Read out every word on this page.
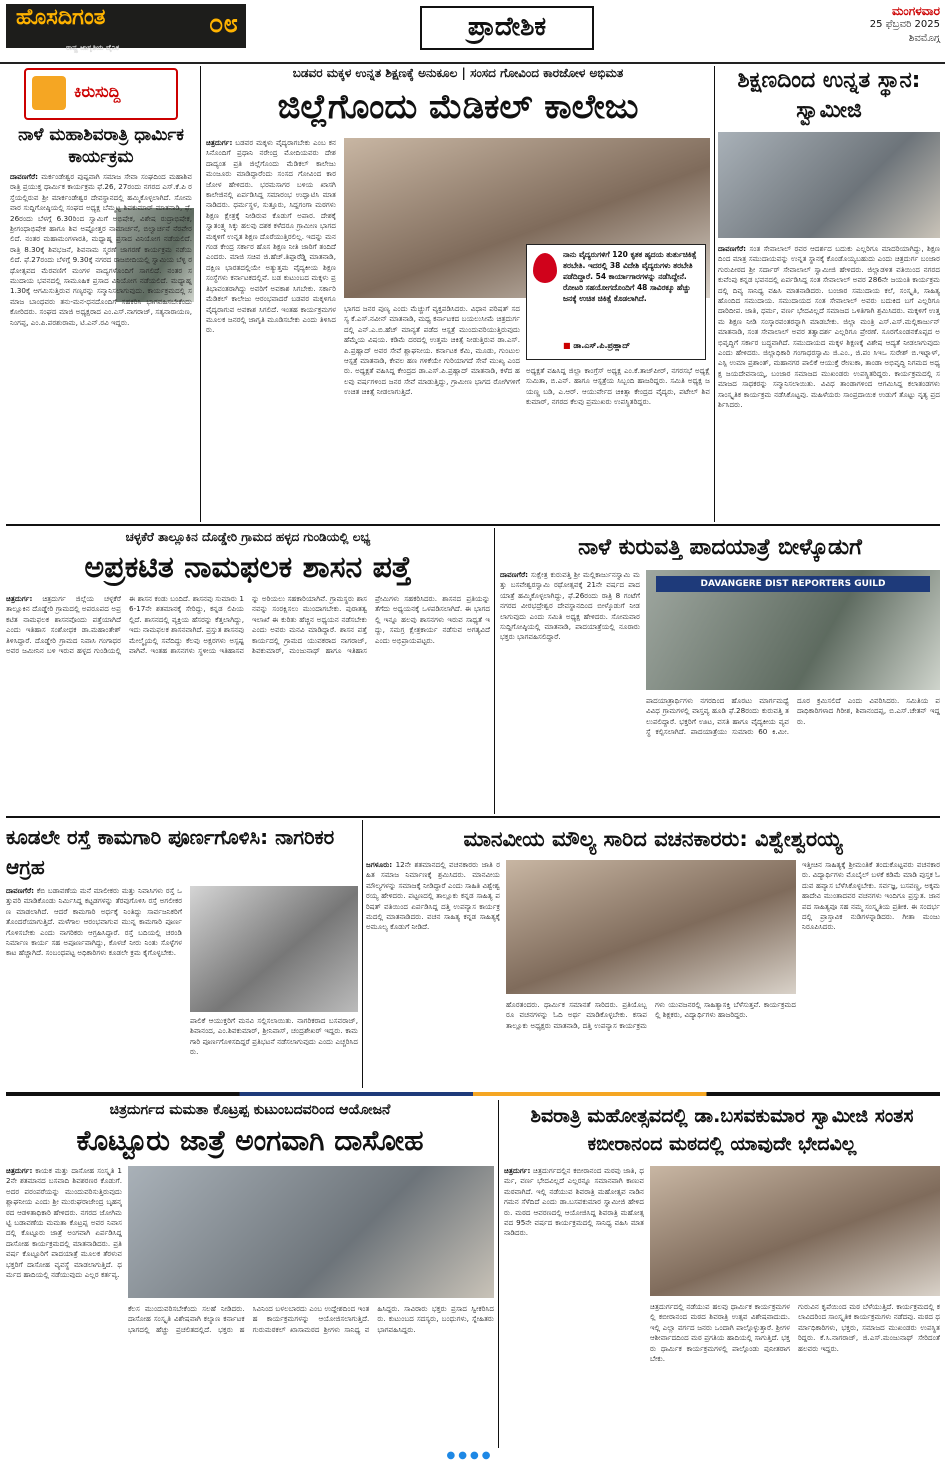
ಹೊಸದಿಗಂತ
ರಾಷ್ಟ್ರ ಜಾಗೃತಿಯ ದೈನಿಕ
೦೮	ಪ್ರಾದೇಶಿಕ
ಮಂಗಳವಾರ
25 ಫೆಬ್ರವರಿ 2025
ಶಿವಮೊಗ್ಗ
ಕಿರುಸುದ್ದಿ
ನಾಳೆ ಮಹಾಶಿವರಾತ್ರಿ ಧಾರ್ಮಿಕ ಕಾರ್ಯಕ್ರಮ
ದಾವಣಗೆರೆ: ಮರ್ಕಂಡೇಶ್ವರ ಪುಷ್ಪವಾಗಿ ಸಮಾಜ ಸೇವಾ ಸಂಘದಿಂದ ಮಹಾಶಿವರಾತ್ರಿ ಪ್ರಯುಕ್ತ ಧಾರ್ಮಿಕ ಕಾರ್ಯಕ್ರಮ ಫೆ.26, 27ರಂದು ನಗರದ ಎಸ್.ಕೆ.ಪಿ ರಸ್ತೆಯಲ್ಲಿರುವ ಶ್ರೀ ಮಾರ್ಕಂಡೇಶ್ವರ ದೇವಸ್ಥಾನದಲ್ಲಿ ಹಮ್ಮಿಕೊಳ್ಳಲಾಗಿದೆ. ಸೋಮವಾರ ಸುದ್ದಿಗೋಷ್ಠಿಯಲ್ಲಿ ಸಂಘದ ಅಧ್ಯಕ್ಷ ಬೆಮ್ಮಟ್ಟ ಶಿವಕುಮಾರ್ ಮಾತನಾಡಿ, ಫೆ.26ರಂದು ಬೆಳಗ್ಗೆ 6.30ರಿಂದ ಸ್ವಾಮಿಗೆ ಅಭಿಷೇಕ, ವಿಶೇಷ ರುದ್ರಾಭಿಷೇಕ, ಶ್ರೀಗಂಧಾಭಿಷೇಕ ಹಾಗೂ ಶಿವ ಅಷ್ಟೋತ್ತರ ನಾಮಾರ್ಚನೆ, ಬಿಲ್ವಾರ್ಚನೆ ನೆರವೇರಲಿದೆ. ನಂತರ ಮಹಾಮಂಗಳಾರತಿ, ಮಧ್ಯಾಹ್ನ ಪ್ರಸಾದ ವಿನಿಯೋಗ ನಡೆಯಲಿದೆ. ರಾತ್ರಿ 8.30ಕ್ಕೆ ಶಿವಭಜನೆ, ಶಿವನಾಮ ಸ್ಮರಣೆ ಜಾಗರಣೆ ಕಾರ್ಯಕ್ರಮ ನಡೆಯಲಿದೆ. ಫೆ.27ರಂದು ಬೆಳಗ್ಗೆ 9.30ಕ್ಕೆ ನಗರದ ರಾಜಬೀದಿಯಲ್ಲಿ ಸ್ವಾಮಿಯ ಬೆಳ್ಳಿ ರಥೋತ್ಸವದ ಮೆರವಣಿಗೆ ಮಂಗಳ ವಾದ್ಯಗಳೊಂದಿಗೆ ಸಾಗಲಿದೆ. ನಂತರ ಸಮುದಾಯ ಭವನದಲ್ಲಿ ಸಾಮೂಹಿಕ ಪ್ರಸಾದ ವಿನಿಯೋಗ ನಡೆಯಲಿದೆ. ಮಧ್ಯಾಹ್ನ 1.30ಕ್ಕೆ ಆಗಮಿಸುತ್ತಿರುವ ಗಣ್ಯರನ್ನು ಸನ್ಮಾನಿಸಲಾಗುವುದು. ಕಾರ್ಯಕ್ರಮದಲ್ಲಿ ಸಮಾಜ ಬಾಂಧವರು ತನು-ಮನ-ಧನದೊಂದಿಗೆ ಸಹಕರಿಸಿ ಭಾಗವಹಿಸಬೇಕೆಂದು ಕೋರಿದರು. ಸಂಘದ ಮಾಜಿ ಅಧ್ಯಕ್ಷರಾದ ಎಂ.ಎಸ್.ನಾಗರಾಜ್, ಸತ್ಯನಾರಾಯಣ, ನಿಂಗಪ್ಪ, ಎಂ.ಪಿ.ಪರಶುರಾಮ, ಟಿ.ಎನ್.ರವಿ ಇದ್ದರು.
ಬಡವರ ಮಕ್ಕಳ ಉನ್ನತ ಶಿಕ್ಷಣಕ್ಕೆ ಅನುಕೂಲ | ಸಂಸದ ಗೋವಿಂದ ಕಾರಜೋಳ ಅಭಿಮತ
ಜಿಲ್ಲೆಗೊಂದು ಮೆಡಿಕಲ್ ಕಾಲೇಜು
ಚಿತ್ರದುರ್ಗ: ಬಡವರ ಮಕ್ಕಳು ವೈದ್ಯರಾಗಬೇಕು ಎಂಬ ಕನಸಿನೊಂದಿಗೆ ಪ್ರಧಾನಿ ನರೇಂದ್ರ ಮೋದಿಯವರು ದೇಶದಾದ್ಯಂತ ಪ್ರತಿ ಜಿಲ್ಲೆಗೊಂದು ಮೆಡಿಕಲ್ ಕಾಲೇಜು ಮಂಜೂರು ಮಾಡಿದ್ದಾರೆಂದು ಸಂಸದ ಗೋವಿಂದ ಕಾರಜೋಳ ಹೇಳಿದರು. ಭರಮಸಾಗರ ಬಳಿಯ ಖಾಸಗಿ ಕಾಲೇಜಿನಲ್ಲಿ ಏರ್ಪಡಿಸಿದ್ದ ಸಮಾರಂಭ ಉದ್ಘಾಟಿಸಿ ಮಾತನಾಡಿದರು. ಧರ್ಮಸ್ಥಳ, ಸುತ್ತೂರು, ಸಿದ್ದಗಂಗಾ ಮಠಗಳು ಶಿಕ್ಷಣ ಕ್ಷೇತ್ರಕ್ಕೆ ನೀಡಿರುವ ಕೊಡುಗೆ ಅಪಾರ. ದೇಶಕ್ಕೆ ಸ್ವಾತಂತ್ರ್ಯ ಸಿಕ್ಕು ಹಲವು ದಶಕ ಕಳೆದರೂ ಗ್ರಾಮೀಣ ಭಾಗದ ಮಕ್ಕಳಿಗೆ ಉನ್ನತ ಶಿಕ್ಷಣ ದೊರೆಯುತ್ತಿರಲಿಲ್ಲ. ಇದನ್ನು ಮನಗಂಡ ಕೇಂದ್ರ ಸರ್ಕಾರ ಹೊಸ ಶಿಕ್ಷಣ ನೀತಿ ಜಾರಿಗೆ ತಂದಿದೆ ಎಂದರು. ಮಾಜಿ ಸಚಿವ ಜಿ.ಹೆಚ್.ತಿಪ್ಪಾರೆಡ್ಡಿ ಮಾತನಾಡಿ, ದಕ್ಷಿಣ ಭಾರತದಲ್ಲಿಯೇ ಅತ್ಯುತ್ತಮ ವೈದ್ಯಕೀಯ ಶಿಕ್ಷಣ ಸಂಸ್ಥೆಗಳು ಕರ್ನಾಟಕದಲ್ಲಿವೆ. ಬಡ ಕುಟುಂಬದ ಮಕ್ಕಳು ಪ್ರತಿಭಾವಂತರಾಗಿದ್ದು ಅವರಿಗೆ ಅವಕಾಶ ಸಿಗಬೇಕು. ಸರ್ಕಾರಿ ಮೆಡಿಕಲ್ ಕಾಲೇಜು ಆರಂಭವಾದರೆ ಬಡವರ ಮಕ್ಕಳಿಗೂ ವೈದ್ಯರಾಗುವ ಅವಕಾಶ ಸಿಗಲಿದೆ. ಇಂತಹ ಕಾರ್ಯಕ್ರಮಗಳ ಮೂಲಕ ಜನರಲ್ಲಿ ಜಾಗೃತಿ ಮೂಡಿಸಬೇಕು ಎಂದು ತಿಳಿಸಿದರು.
ಭಾಗದ ಜನರ ಪುಣ್ಯ ಎಂದು ಮೆಚ್ಚುಗೆ ವ್ಯಕ್ತಪಡಿಸಿದರು. ವಿಧಾನ ಪರಿಷತ್ ಸದಸ್ಯ ಕೆ.ಎಸ್.ನವೀನ್ ಮಾತನಾಡಿ, ಮಧ್ಯ ಕರ್ನಾಟಕದ ಬಯಲುಸೀಮೆ ಚಿತ್ರದುರ್ಗದಲ್ಲಿ ಎನ್.ಎ.ಬಿ.ಹೆಚ್ ಮಾನ್ಯತೆ ಪಡೆದ ಆಸ್ಪತ್ರೆ ಮುಂದುವರಿಯುತ್ತಿರುವುದು ಹೆಮ್ಮೆಯ ವಿಷಯ. ಕಡಿಮೆ ದರದಲ್ಲಿ ಉತ್ತಮ ಚಿಕಿತ್ಸೆ ನೀಡುತ್ತಿರುವ ಡಾ.ಎಸ್.ಪಿ.ಪ್ರಹ್ಲಾದ್ ಅವರ ಸೇವೆ ಶ್ಲಾಘನೀಯ. ಕರ್ನಾಟಕ ಕೆಮಿ, ಮೂಡು, ಗುಂಟುಲ ಆಸ್ಪತ್ರೆ ಮಾತನಾಡಿ, ಕೇವಲ ಹಣ ಗಳಿಕೆಯೇ ಗುರಿಯಾಗದೆ ಸೇವೆ ಮುಖ್ಯ ಎಂದರು. ಅಧ್ಯಕ್ಷತೆ ವಹಿಸಿದ್ದ ಕೇಂದ್ರದ ಡಾ.ಎಸ್.ಪಿ.ಪ್ರಹ್ಲಾದ್ ಮಾತನಾಡಿ, ಕಳೆದ ಹಲವು ವರ್ಷಗಳಿಂದ ಜನರ ಸೇವೆ ಮಾಡುತ್ತಿದ್ದು, ಗ್ರಾಮೀಣ ಭಾಗದ ರೋಗಿಗಳಿಗೆ ಉಚಿತ ಚಿಕಿತ್ಸೆ ನೀಡಲಾಗುತ್ತಿದೆ.
ನಾನು ವೈದ್ಯರುಗಳಿಗೆ 120 ಕೃತಕ ಹೃದಯ ತುರ್ತುಚಿಕಿತ್ಸೆ ತರಬೇತಿ. ಇದರಲ್ಲಿ 38 ವಿದೇಶಿ ವೈದ್ಯರುಗಳು ತರಬೇತಿ ಪಡೆದಿದ್ದಾರೆ. 54 ಕಾರ್ಯಾಗಾರಗಳನ್ನು ನಡೆಸಿದ್ದೇನೆ. ರೋಟರಿ ಸಹಯೋಗದೊಂದಿಗೆ 48 ಸಾವಿರಕ್ಕೂ ಹೆಚ್ಚು ಜನಕ್ಕೆ ಉಚಿತ ಚಿಕಿತ್ಸೆ ಕೊಡಲಾಗಿದೆ.
■ ಡಾ.ಎಸ್.ಪಿ.ಪ್ರಹ್ಲಾದ್
ಅಧ್ಯಕ್ಷತೆ ವಹಿಸಿದ್ದ ಜಿಲ್ಲಾ ಕಾಂಗ್ರೆಸ್ ಅಧ್ಯಕ್ಷ ಎಂ.ಕೆ.ತಾಜ್‌ಪೀರ್, ನಗರಸಭೆ ಅಧ್ಯಕ್ಷೆ ಸುಮಿತಾ, ಬಿ.ಎನ್. ಹಾಗೂ ಆಸ್ಪತ್ರೆಯ ಸಿಬ್ಬಂದಿ ಹಾಜರಿದ್ದರು. ಸಮಿತಿ ಅಧ್ಯಕ್ಷ ಜಯಣ್ಣ ಬಡಿ, ಎ.ಆರ್. ಆಯುರ್ವೇದ ಚಿಕಿತ್ಸಾ ಕೇಂದ್ರದ ವೈದ್ಯರು, ಪಟೇಲ್ ಶಿವಕುಮಾರ್, ನಗರದ ಕೆಲವು ಪ್ರಮುಖರು ಉಪಸ್ಥಿತರಿದ್ದರು.
ಶಿಕ್ಷಣದಿಂದ ಉನ್ನತ ಸ್ಥಾನ: ಸ್ವಾಮೀಜಿ
ದಾವಣಗೆರೆ: ಸಂತ ಸೇವಾಲಾಲ್ ರವರ ಆದರ್ಶದ ಬದುಕು ಎಲ್ಲರಿಗೂ ಮಾದರಿಯಾಗಿದ್ದು, ಶಿಕ್ಷಣದಿಂದ ಮಾತ್ರ ಸಮುದಾಯವನ್ನು ಉನ್ನತ ಸ್ಥಾನಕ್ಕೆ ಕೊಂಡೊಯ್ಯಬಹುದು ಎಂದು ಚಿತ್ರದುರ್ಗ ಬಂಜಾರ ಗುರುಪೀಠದ ಶ್ರೀ ಸರ್ದಾರ್ ಸೇವಾಲಾಲ್ ಸ್ವಾಮೀಜಿ ಹೇಳಿದರು. ಜಿಲ್ಲಾಡಳಿತ ವತಿಯಿಂದ ನಗರದ ಕುವೆಂಪು ಕನ್ನಡ ಭವನದಲ್ಲಿ ಏರ್ಪಡಿಸಿದ್ದ ಸಂತ ಸೇವಾಲಾಲ್ ಅವರ 286ನೇ ಜಯಂತಿ ಕಾರ್ಯಕ್ರಮದಲ್ಲಿ ದಿವ್ಯ ಸಾನಿಧ್ಯ ವಹಿಸಿ ಮಾತನಾಡಿದರು. ಬಂಜಾರ ಸಮುದಾಯ ಕಲೆ, ಸಂಸ್ಕೃತಿ, ಸಾಹಿತ್ಯ ಹೊಂದಿದ ಸಮುದಾಯ. ಸಮುದಾಯದ ಸಂತ ಸೇವಾಲಾಲ್ ಅವರು ಬದುಕಿದ ಬಗೆ ಎಲ್ಲರಿಗೂ ದಾರಿದೀಪ. ಜಾತಿ, ಧರ್ಮ, ವರ್ಣ ಭೇದವಿಲ್ಲದೆ ಸಮಾಜದ ಒಳಿತಿಗಾಗಿ ಶ್ರಮಿಸಿದರು. ಮಕ್ಕಳಿಗೆ ಉತ್ತಮ ಶಿಕ್ಷಣ ನೀಡಿ ಸಂಸ್ಕಾರವಂತರನ್ನಾಗಿ ಮಾಡಬೇಕು. ಜಿಲ್ಲಾ ಮಂತ್ರಿ ಎಸ್.ಎಸ್.ಮಲ್ಲಿಕಾರ್ಜುನ್ ಮಾತನಾಡಿ, ಸಂತ ಸೇವಾಲಾಲ್ ಅವರ ತತ್ವಾದರ್ಶ ಎಲ್ಲರಿಗೂ ಪ್ರೇರಣೆ. ಸೂರಗೊಂಡನಕೊಪ್ಪದ ಅಭಿವೃದ್ಧಿಗೆ ಸರ್ಕಾರ ಬದ್ಧವಾಗಿದೆ. ಸಮುದಾಯದ ಮಕ್ಕಳ ಶಿಕ್ಷಣಕ್ಕೆ ವಿಶೇಷ ಆದ್ಯತೆ ನೀಡಲಾಗುವುದು ಎಂದು ಹೇಳಿದರು. ಜಿಲ್ಲಾಧಿಕಾರಿ ಗಂಗಾಧರಸ್ವಾಮಿ ಜಿ.ಎಂ., ಜಿ.ಪಂ ಸಿಇಒ ಸುರೇಶ್ ಬಿ.ಇಟ್ನಾಳ್, ಎಸ್ಪಿ ಉಮಾ ಪ್ರಶಾಂತ್, ಮಹಾನಗರ ಪಾಲಿಕೆ ಆಯುಕ್ತೆ ರೇಣುಕಾ, ತಾಂಡಾ ಅಭಿವೃದ್ಧಿ ನಿಗಮದ ಅಧ್ಯಕ್ಷ ಜಯದೇವನಾಯ್ಕ, ಬಂಜಾರ ಸಮಾಜದ ಮುಖಂಡರು ಉಪಸ್ಥಿತರಿದ್ದರು. ಕಾರ್ಯಕ್ರಮದಲ್ಲಿ ಸಮಾಜದ ಸಾಧಕರನ್ನು ಸನ್ಮಾನಿಸಲಾಯಿತು. ವಿವಿಧ ತಾಂಡಾಗಳಿಂದ ಆಗಮಿಸಿದ್ದ ಕಲಾತಂಡಗಳು ಸಾಂಸ್ಕೃತಿಕ ಕಾರ್ಯಕ್ರಮ ನಡೆಸಿಕೊಟ್ಟವು. ಮಹಿಳೆಯರು ಸಾಂಪ್ರದಾಯಿಕ ಉಡುಗೆ ತೊಟ್ಟು ನೃತ್ಯ ಪ್ರದರ್ಶಿಸಿದರು.
ಚಳ್ಳಕೆರೆ ತಾಲ್ಲೂಕಿನ ದೊಡ್ಡೇರಿ ಗ್ರಾಮದ ಹಳ್ಳದ ಗುಂಡಿಯಲ್ಲಿ ಲಭ್ಯ
ಅಪ್ರಕಟಿತ ನಾಮಫಲಕ ಶಾಸನ ಪತ್ತೆ
ಚಿತ್ರದುರ್ಗ: ಚಿತ್ರದುರ್ಗ ಜಿಲ್ಲೆಯ ಚಳ್ಳಕೆರೆ ತಾಲ್ಲೂಕಿನ ದೊಡ್ಡೇರಿ ಗ್ರಾಮದಲ್ಲಿ ಅಪರೂಪದ ಅಪ್ರಕಟಿತ ನಾಮಫಲಕ ಶಾಸನವೊಂದು ಪತ್ತೆಯಾಗಿದೆ ಎಂದು ಇತಿಹಾಸ ಸಂಶೋಧಕ ಡಾ.ಮಹಾಂತೇಶ್ ತಿಳಿಸಿದ್ದಾರೆ. ದೊಡ್ಡೇರಿ ಗ್ರಾಮದ ನಿವಾಸಿ ಗಂಗಾಧರ ಅವರ ಜಮೀನಿನ ಬಳಿ ಇರುವ ಹಳ್ಳದ ಗುಂಡಿಯಲ್ಲಿ ಈ ಶಾಸನ ಕಂಡು ಬಂದಿದೆ. ಶಾಸನವು ಸುಮಾರು 16-17ನೇ ಶತಮಾನಕ್ಕೆ ಸೇರಿದ್ದು, ಕನ್ನಡ ಲಿಪಿಯಲ್ಲಿದೆ. ಶಾಸನದಲ್ಲಿ ವ್ಯಕ್ತಿಯ ಹೆಸರನ್ನು ಕೆತ್ತಲಾಗಿದ್ದು, ಇದು ನಾಮಫಲಕ ಶಾಸನವಾಗಿದೆ. ಪ್ರಸ್ತುತ ಶಾಸನವು ಮೇಲ್ಮೈಯಲ್ಲಿ ಸವೆದಿದ್ದು ಕೆಲವು ಅಕ್ಷರಗಳು ಅಸ್ಪಷ್ಟವಾಗಿವೆ. ಇಂತಹ ಶಾಸನಗಳು ಸ್ಥಳೀಯ ಇತಿಹಾಸವನ್ನು ಅರಿಯಲು ಸಹಕಾರಿಯಾಗಿವೆ. ಗ್ರಾಮಸ್ಥರು ಶಾಸನವನ್ನು ಸಂರಕ್ಷಿಸಲು ಮುಂದಾಗಬೇಕು. ಪುರಾತತ್ವ ಇಲಾಖೆ ಈ ಕುರಿತು ಹೆಚ್ಚಿನ ಅಧ್ಯಯನ ನಡೆಸಬೇಕು ಎಂದು ಅವರು ಮನವಿ ಮಾಡಿದ್ದಾರೆ. ಶಾಸನ ಪತ್ತೆ ಕಾರ್ಯದಲ್ಲಿ ಗ್ರಾಮದ ಯುವಕರಾದ ನಾಗರಾಜ್, ಶಿವಕುಮಾರ್, ಮಂಜುನಾಥ್ ಹಾಗೂ ಇತಿಹಾಸ ಪ್ರೇಮಿಗಳು ಸಹಕರಿಸಿದರು. ಶಾಸನದ ಪ್ರತಿಯನ್ನು ತೆಗೆದು ಅಧ್ಯಯನಕ್ಕೆ ಒಳಪಡಿಸಲಾಗಿದೆ. ಈ ಭಾಗದಲ್ಲಿ ಇನ್ನೂ ಹಲವು ಶಾಸನಗಳು ಇರುವ ಸಾಧ್ಯತೆ ಇದ್ದು, ಸಮಗ್ರ ಕ್ಷೇತ್ರಕಾರ್ಯ ನಡೆಸುವ ಅಗತ್ಯವಿದೆ ಎಂದು ಅಭಿಪ್ರಾಯಪಟ್ಟರು.
ನಾಳೆ ಕುರುವತ್ತಿ ಪಾದಯಾತ್ರೆ ಬೀಳ್ಕೊಡುಗೆ
ದಾವಣಗೆರೆ: ಸುಕ್ಷೇತ್ರ ಕುರುವತ್ತಿ ಶ್ರೀ ಮಲ್ಲಿಕಾರ್ಜುನಸ್ವಾಮಿ ಮತ್ತು ಬಸವೇಶ್ವರಸ್ವಾಮಿ ರಥೋತ್ಸವಕ್ಕೆ 21ನೇ ವರ್ಷದ ಪಾದಯಾತ್ರೆ ಹಮ್ಮಿಕೊಳ್ಳಲಾಗಿದ್ದು, ಫೆ.26ರಂದು ರಾತ್ರಿ 8 ಗಂಟೆಗೆ ನಗರದ ವೀರಭದ್ರೇಶ್ವರ ದೇವಸ್ಥಾನದಿಂದ ಬೀಳ್ಕೊಡುಗೆ ನೀಡಲಾಗುವುದು ಎಂದು ಸಮಿತಿ ಅಧ್ಯಕ್ಷ ಹೇಳಿದರು. ಸೋಮವಾರ ಸುದ್ದಿಗೋಷ್ಠಿಯಲ್ಲಿ ಮಾತನಾಡಿ, ಪಾದಯಾತ್ರೆಯಲ್ಲಿ ನೂರಾರು ಭಕ್ತರು ಭಾಗವಹಿಸಲಿದ್ದಾರೆ.
DAVANGERE DIST REPORTERS GUILD
ಪಾದಯಾತ್ರಾರ್ಥಿಗಳು ನಗರದಿಂದ ಹೊರಟು ಮಾರ್ಗಮಧ್ಯೆ ವಿವಿಧ ಗ್ರಾಮಗಳಲ್ಲಿ ವಾಸ್ತವ್ಯ ಹೂಡಿ ಫೆ.28ರಂದು ಕುರುವತ್ತಿ ತಲುಪಲಿದ್ದಾರೆ. ಭಕ್ತರಿಗೆ ಊಟ, ವಸತಿ ಹಾಗೂ ವೈದ್ಯಕೀಯ ವ್ಯವಸ್ಥೆ ಕಲ್ಪಿಸಲಾಗಿದೆ. ಪಾದಯಾತ್ರೆಯು ಸುಮಾರು 60 ಕಿ.ಮೀ. ದೂರ ಕ್ರಮಿಸಲಿದೆ ಎಂದು ವಿವರಿಸಿದರು. ಸಮಿತಿಯ ಪದಾಧಿಕಾರಿಗಳಾದ ಗಿರೀಶ, ಶಿವಾನಂದಪ್ಪ, ಬಿ.ಎಸ್.ಚೇತನ್ ಇದ್ದರು.
ಕೂಡಲೇ ರಸ್ತೆ ಕಾಮಗಾರಿ ಪೂರ್ಣಗೊಳಿಸಿ: ನಾಗರಿಕರ ಆಗ್ರಹ
ದಾವಣಗೆರೆ: ಕೆಬಿ ಬಡಾವಣೆಯ ಮನೆ ಮಾಲೀಕರು ಮತ್ತು ನಿವಾಸಿಗಳು ರಸ್ತೆ ಒತ್ತುವರಿ ಮಾಡಿಕೊಂಡು ನಿರ್ಮಿಸಿದ್ದ ಕಟ್ಟಡಗಳನ್ನು ತೆರವುಗೊಳಿಸಿ ರಸ್ತೆ ಅಗಲೀಕರಣ ಮಾಡಲಾಗಿದೆ. ಆದರೆ ಕಾಮಗಾರಿ ಅರ್ಧಕ್ಕೆ ನಿಂತಿದ್ದು ಸಾರ್ವಜನಿಕರಿಗೆ ತೊಂದರೆಯಾಗುತ್ತಿದೆ. ಮಳೆಗಾಲ ಆರಂಭವಾಗುವ ಮುನ್ನ ಕಾಮಗಾರಿ ಪೂರ್ಣಗೊಳಿಸಬೇಕು ಎಂದು ನಾಗರಿಕರು ಆಗ್ರಹಿಸಿದ್ದಾರೆ. ರಸ್ತೆ ಬದಿಯಲ್ಲಿ ಚರಂಡಿ ನಿರ್ಮಾಣ ಕಾರ್ಯ ಸಹ ಅಪೂರ್ಣವಾಗಿದ್ದು, ಕೊಳಚೆ ನೀರು ನಿಂತು ಸೊಳ್ಳೆಗಳ ಕಾಟ ಹೆಚ್ಚಾಗಿದೆ. ಸಂಬಂಧಪಟ್ಟ ಅಧಿಕಾರಿಗಳು ಕೂಡಲೇ ಕ್ರಮ ಕೈಗೊಳ್ಳಬೇಕು.
ಪಾಲಿಕೆ ಆಯುಕ್ತರಿಗೆ ಮನವಿ ಸಲ್ಲಿಸಲಾಯಿತು. ನಾಗರಿಕರಾದ ಬಸವರಾಜ್, ಶಿವಾನಂದ, ಎಂ.ಶಿವಕುಮಾರ್, ಶ್ರೀನಿವಾಸ್, ಚಂದ್ರಶೇಖರ್ ಇದ್ದರು. ಕಾಮಗಾರಿ ಪೂರ್ಣಗೊಳಿಸದಿದ್ದರೆ ಪ್ರತಿಭಟನೆ ನಡೆಸಲಾಗುವುದು ಎಂದು ಎಚ್ಚರಿಸಿದರು.
ಮಾನವೀಯ ಮೌಲ್ಯ ಸಾರಿದ ವಚನಕಾರರು: ವಿಶ್ವೇಶ್ವರಯ್ಯ
ಜಗಳೂರು: 12ನೇ ಶತಮಾನದಲ್ಲಿ ವಚನಕಾರರು ಜಾತಿ ರಹಿತ ಸಮಾಜ ನಿರ್ಮಾಣಕ್ಕೆ ಶ್ರಮಿಸಿದರು. ಮಾನವೀಯ ಮೌಲ್ಯಗಳನ್ನು ಸಮಾಜಕ್ಕೆ ನೀಡಿದ್ದಾರೆ ಎಂದು ಸಾಹಿತಿ ವಿಶ್ವೇಶ್ವರಯ್ಯ ಹೇಳಿದರು. ಪಟ್ಟಣದಲ್ಲಿ ತಾಲ್ಲೂಕು ಕನ್ನಡ ಸಾಹಿತ್ಯ ಪರಿಷತ್ ವತಿಯಿಂದ ಏರ್ಪಡಿಸಿದ್ದ ದತ್ತಿ ಉಪನ್ಯಾಸ ಕಾರ್ಯಕ್ರಮದಲ್ಲಿ ಮಾತನಾಡಿದರು. ವಚನ ಸಾಹಿತ್ಯ ಕನ್ನಡ ಸಾಹಿತ್ಯಕ್ಕೆ ಅಮೂಲ್ಯ ಕೊಡುಗೆ ನೀಡಿದೆ.
ಹೊರತಂದರು. ಧಾರ್ಮಿಕ ಸಮಾನತೆ ಸಾರಿದರು. ಪ್ರತಿಯೊಬ್ಬರೂ ವಚನಗಳನ್ನು ಓದಿ ಅರ್ಥ ಮಾಡಿಕೊಳ್ಳಬೇಕು. ಕಸಾಪ ತಾಲ್ಲೂಕು ಅಧ್ಯಕ್ಷರು ಮಾತನಾಡಿ, ದತ್ತಿ ಉಪನ್ಯಾಸ ಕಾರ್ಯಕ್ರಮಗಳು ಯುವಜನರಲ್ಲಿ ಸಾಹಿತ್ಯಾಸಕ್ತಿ ಬೆಳೆಸುತ್ತವೆ. ಕಾರ್ಯಕ್ರಮದಲ್ಲಿ ಶಿಕ್ಷಕರು, ವಿದ್ಯಾರ್ಥಿಗಳು ಹಾಜರಿದ್ದರು.
ಇತ್ತೀಚಿನ ಸಾಹಿತ್ಯಕ್ಕೆ ಶ್ರೀಮಂತಿಕೆ ತಂದುಕೊಟ್ಟವರು ವಚನಕಾರರು. ವಿದ್ಯಾರ್ಥಿಗಳು ಮೊಬೈಲ್ ಬಳಕೆ ಕಡಿಮೆ ಮಾಡಿ ಪುಸ್ತಕ ಓದುವ ಹವ್ಯಾಸ ಬೆಳೆಸಿಕೊಳ್ಳಬೇಕು. ಸರ್ವಜ್ಞ, ಬಸವಣ್ಣ, ಅಕ್ಕಮಹಾದೇವಿ ಮುಂತಾದವರ ವಚನಗಳು ಇಂದಿಗೂ ಪ್ರಸ್ತುತ. ಜಾನಪದ ಸಾಹಿತ್ಯವೂ ಸಹ ನಮ್ಮ ಸಂಸ್ಕೃತಿಯ ಪ್ರತೀಕ. ಈ ಸಂದರ್ಭದಲ್ಲಿ ಪ್ರಾಸ್ತಾವಿಕ ನುಡಿಗಳನ್ನಾಡಿದರು. ಗೀತಾ ಮಂಜು ನಿರೂಪಿಸಿದರು.
ಚಿತ್ರದುರ್ಗದ ಮಮತಾ ಕೊಟ್ರಪ್ಪ ಕುಟುಂಬದವರಿಂದ ಆಯೋಜನೆ
ಕೊಟ್ಟೂರು ಜಾತ್ರೆ ಅಂಗವಾಗಿ ದಾಸೋಹ
ಚಿತ್ರದುರ್ಗ: ಕಾಯಕ ಮತ್ತು ದಾಸೋಹ ಸಂಸ್ಕೃತಿ 12ನೇ ಶತಮಾನದ ಬಸವಾದಿ ಶಿವಶರಣರ ಕೊಡುಗೆ. ಅದರ ಪರಂಪರೆಯನ್ನು ಮುಂದುವರಿಸುತ್ತಿರುವುದು ಶ್ಲಾಘನೀಯ ಎಂದು ಶ್ರೀ ಮುರುಘರಾಜೇಂದ್ರ ಬೃಹನ್ಮಠದ ಆಡಳಿತಾಧಿಕಾರಿ ಹೇಳಿದರು. ನಗರದ ಜೋಗಿಮಟ್ಟಿ ಬಡಾವಣೆಯ ಮಮತಾ ಕೊಟ್ರಪ್ಪ ಅವರ ನಿವಾಸದಲ್ಲಿ ಕೊಟ್ಟೂರು ಜಾತ್ರೆ ಅಂಗವಾಗಿ ಏರ್ಪಡಿಸಿದ್ದ ದಾಸೋಹ ಕಾರ್ಯಕ್ರಮದಲ್ಲಿ ಮಾತನಾಡಿದರು. ಪ್ರತಿ ವರ್ಷ ಕೊಟ್ಟೂರಿಗೆ ಪಾದಯಾತ್ರೆ ಮೂಲಕ ತೆರಳುವ ಭಕ್ತರಿಗೆ ದಾಸೋಹ ವ್ಯವಸ್ಥೆ ಮಾಡಲಾಗುತ್ತಿದೆ. ಧರ್ಮದ ಹಾದಿಯಲ್ಲಿ ನಡೆಯುವುದು ಎಲ್ಲರ ಕರ್ತವ್ಯ.
ಕೆಲಸ ಮುಂದುವರಿಸಬೇಕೆಂದು ಸಲಹೆ ನೀಡಿದರು. ದಾಸೋಹ ಸಂಸ್ಕೃತಿ ವಿಶೇಷವಾಗಿ ಕಲ್ಯಾಣ ಕರ್ನಾಟಕ ಭಾಗದಲ್ಲಿ ಹೆಚ್ಚು ಪ್ರಚಲಿತದಲ್ಲಿದೆ. ಭಕ್ತರು ಹಸಿವಿನಿಂದ ಬಳಲಬಾರದು ಎಂಬ ಉದ್ದೇಶದಿಂದ ಇಂತಹ ಕಾರ್ಯಕ್ರಮಗಳನ್ನು ಆಯೋಜಿಸಲಾಗುತ್ತಿದೆ. ಗುರುಮಠಕಲ್ ಖಾಸಾಮಠದ ಶ್ರೀಗಳು ಸಾನಿಧ್ಯ ವಹಿಸಿದ್ದರು. ಸಾವಿರಾರು ಭಕ್ತರು ಪ್ರಸಾದ ಸ್ವೀಕರಿಸಿದರು. ಕುಟುಂಬದ ಸದಸ್ಯರು, ಬಂಧುಗಳು, ಸ್ನೇಹಿತರು ಭಾಗವಹಿಸಿದ್ದರು.
ಶಿವರಾತ್ರಿ ಮಹೋತ್ಸವದಲ್ಲಿ ಡಾ.ಬಸವಕುಮಾರ ಸ್ವಾಮೀಜಿ ಸಂತಸ ಕಬೀರಾನಂದ ಮಠದಲ್ಲಿ ಯಾವುದೇ ಭೇದವಿಲ್ಲ
ಚಿತ್ರದುರ್ಗ: ಚಿತ್ರದುರ್ಗದಲ್ಲಿನ ಕಬೀರಾನಂದ ಮಠವು ಜಾತಿ, ಧರ್ಮ, ವರ್ಣ ಭೇದವಿಲ್ಲದೆ ಎಲ್ಲರನ್ನೂ ಸಮಾನವಾಗಿ ಕಾಣುವ ಮಠವಾಗಿದೆ. ಇಲ್ಲಿ ನಡೆಯುವ ಶಿವರಾತ್ರಿ ಮಹೋತ್ಸವ ನಾಡಿನ ಗಮನ ಸೆಳೆದಿದೆ ಎಂದು ಡಾ.ಬಸವಕುಮಾರ ಸ್ವಾಮೀಜಿ ಹೇಳಿದರು. ಮಠದ ಆವರಣದಲ್ಲಿ ಆಯೋಜಿಸಿದ್ದ ಶಿವರಾತ್ರಿ ಮಹೋತ್ಸವದ 95ನೇ ವರ್ಷದ ಕಾರ್ಯಕ್ರಮದಲ್ಲಿ ಸಾನಿಧ್ಯ ವಹಿಸಿ ಮಾತನಾಡಿದರು.
ಚಿತ್ರದುರ್ಗದಲ್ಲಿ ನಡೆಯುವ ಹಲವು ಧಾರ್ಮಿಕ ಕಾರ್ಯಕ್ರಮಗಳಲ್ಲಿ ಕಬೀರಾನಂದ ಮಠದ ಶಿವರಾತ್ರಿ ಉತ್ಸವ ವಿಶೇಷವಾದುದು. ಇಲ್ಲಿ ಎಲ್ಲಾ ವರ್ಗದ ಜನರು ಒಂದಾಗಿ ಪಾಲ್ಗೊಳ್ಳುತ್ತಾರೆ. ಶ್ರೀಗಳ ಆಶೀರ್ವಾದದಿಂದ ಮಠ ಪ್ರಗತಿಯ ಹಾದಿಯಲ್ಲಿ ಸಾಗುತ್ತಿದೆ. ಭಕ್ತರು ಧಾರ್ಮಿಕ ಕಾರ್ಯಕ್ರಮಗಳಲ್ಲಿ ಪಾಲ್ಗೊಂಡು ಪುನೀತರಾಗಬೇಕು.
ಗುರುವಿನ ಕೃಪೆಯಿಂದ ಮಠ ಬೆಳೆಯುತ್ತಿದೆ. ಕಾರ್ಯಕ್ರಮದಲ್ಲಿ ಕಲಾವಿದರಿಂದ ಸಾಂಸ್ಕೃತಿಕ ಕಾರ್ಯಕ್ರಮಗಳು ನಡೆದವು. ಮಠದ ಧರ್ಮಾಧಿಕಾರಿಗಳು, ಭಕ್ತರು, ಸಮಾಜದ ಮುಖಂಡರು ಉಪಸ್ಥಿತರಿದ್ದರು. ಕೆ.ಸಿ.ನಾಗರಾಜ್, ಜಿ.ಎಸ್.ಮಂಜುನಾಥ್ ಸೇರಿದಂತೆ ಹಲವರು ಇದ್ದರು.
●●●●
